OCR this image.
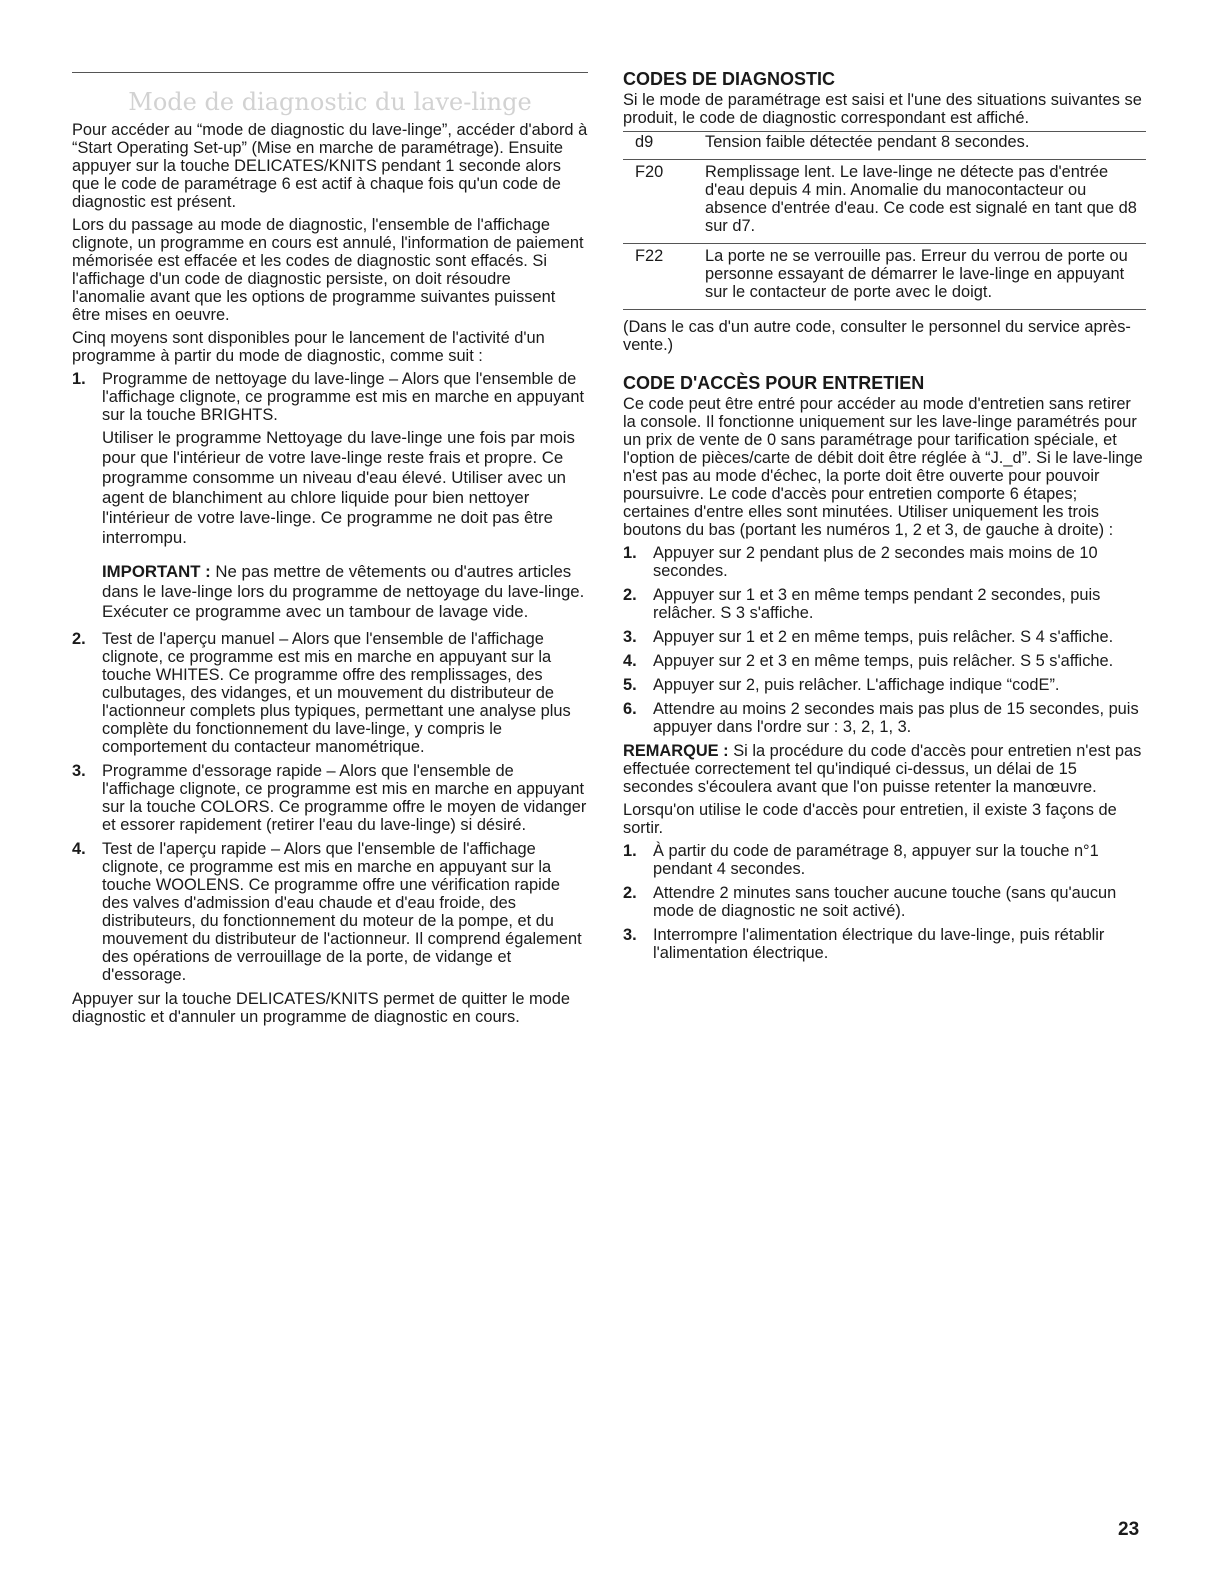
Mode de diagnostic du lave-linge

Pour accéder au “mode de diagnostic du lave-linge”, accéder d'abord à “Start Operating Set-up” (Mise en marche de paramétrage). Ensuite appuyer sur la touche DELICATES/KNITS pendant 1 seconde alors que le code de paramétrage 6 est actif à chaque fois qu'un code de diagnostic est présent.

Lors du passage au mode de diagnostic, l'ensemble de l'affichage clignote, un programme en cours est annulé, l'information de paiement mémorisée est effacée et les codes de diagnostic sont effacés. Si l'affichage d'un code de diagnostic persiste, on doit résoudre l'anomalie avant que les options de programme suivantes puissent être mises en oeuvre.

Cinq moyens sont disponibles pour le lancement de l'activité d'un programme à partir du mode de diagnostic, comme suit :

1. Programme de nettoyage du lave-linge – Alors que l'ensemble de l'affichage clignote, ce programme est mis en marche en appuyant sur la touche BRIGHTS.

Utiliser le programme Nettoyage du lave-linge une fois par mois pour que l'intérieur de votre lave-linge reste frais et propre. Ce programme consomme un niveau d'eau élevé. Utiliser avec un agent de blanchiment au chlore liquide pour bien nettoyer l'intérieur de votre lave-linge. Ce programme ne doit pas être interrompu.

IMPORTANT : Ne pas mettre de vêtements ou d'autres articles dans le lave-linge lors du programme de nettoyage du lave-linge. Exécuter ce programme avec un tambour de lavage vide.

2. Test de l'aperçu manuel – Alors que l'ensemble de l'affichage clignote, ce programme est mis en marche en appuyant sur la touche WHITES. Ce programme offre des remplissages, des culbutages, des vidanges, et un mouvement du distributeur de l'actionneur complets plus typiques, permettant une analyse plus complète du fonctionnement du lave-linge, y compris le comportement du contacteur manométrique.
3. Programme d'essorage rapide – Alors que l'ensemble de l'affichage clignote, ce programme est mis en marche en appuyant sur la touche COLORS. Ce programme offre le moyen de vidanger et essorer rapidement (retirer l'eau du lave-linge) si désiré.
4. Test de l'aperçu rapide – Alors que l'ensemble de l'affichage clignote, ce programme est mis en marche en appuyant sur la touche WOOLENS. Ce programme offre une vérification rapide des valves d'admission d'eau chaude et d'eau froide, des distributeurs, du fonctionnement du moteur de la pompe, et du mouvement du distributeur de l'actionneur. Il comprend également des opérations de verrouillage de la porte, de vidange et d'essorage.

Appuyer sur la touche DELICATES/KNITS permet de quitter le mode diagnostic et d'annuler un programme de diagnostic en cours.

CODES DE DIAGNOSTIC

Si le mode de paramétrage est saisi et l'une des situations suivantes se produit, le code de diagnostic correspondant est affiché.

d9	Tension faible détectée pendant 8 secondes.
F20	Remplissage lent. Le lave-linge ne détecte pas d'entrée d'eau depuis 4 min. Anomalie du manocontacteur ou absence d'entrée d'eau. Ce code est signalé en tant que d8 sur d7.
F22	La porte ne se verrouille pas. Erreur du verrou de porte ou personne essayant de démarrer le lave-linge en appuyant sur le contacteur de porte avec le doigt.

(Dans le cas d'un autre code, consulter le personnel du service après-vente.)

CODE D'ACCÈS POUR ENTRETIEN

Ce code peut être entré pour accéder au mode d'entretien sans retirer la console. Il fonctionne uniquement sur les lave-linge paramétrés pour un prix de vente de 0 sans paramétrage pour tarification spéciale, et l'option de pièces/carte de débit doit être réglée à “J._d”. Si le lave-linge n'est pas au mode d'échec, la porte doit être ouverte pour pouvoir poursuivre. Le code d'accès pour entretien comporte 6 étapes; certaines d'entre elles sont minutées. Utiliser uniquement les trois boutons du bas (portant les numéros 1, 2 et 3, de gauche à droite) :

1. Appuyer sur 2 pendant plus de 2 secondes mais moins de 10 secondes.
2. Appuyer sur 1 et 3 en même temps pendant 2 secondes, puis relâcher. S 3 s'affiche.
3. Appuyer sur 1 et 2 en même temps, puis relâcher. S 4 s'affiche.
4. Appuyer sur 2 et 3 en même temps, puis relâcher. S 5 s'affiche.
5. Appuyer sur 2, puis relâcher. L'affichage indique “codE”.
6. Attendre au moins 2 secondes mais pas plus de 15 secondes, puis appuyer dans l'ordre sur : 3, 2, 1, 3.

REMARQUE : Si la procédure du code d'accès pour entretien n'est pas effectuée correctement tel qu'indiqué ci-dessus, un délai de 15 secondes s'écoulera avant que l'on puisse retenter la manœuvre.

Lorsqu'on utilise le code d'accès pour entretien, il existe 3 façons de sortir.

1. À partir du code de paramétrage 8, appuyer sur la touche n°1 pendant 4 secondes.
2. Attendre 2 minutes sans toucher aucune touche (sans qu'aucun mode de diagnostic ne soit activé).
3. Interrompre l'alimentation électrique du lave-linge, puis rétablir l'alimentation électrique.
23
